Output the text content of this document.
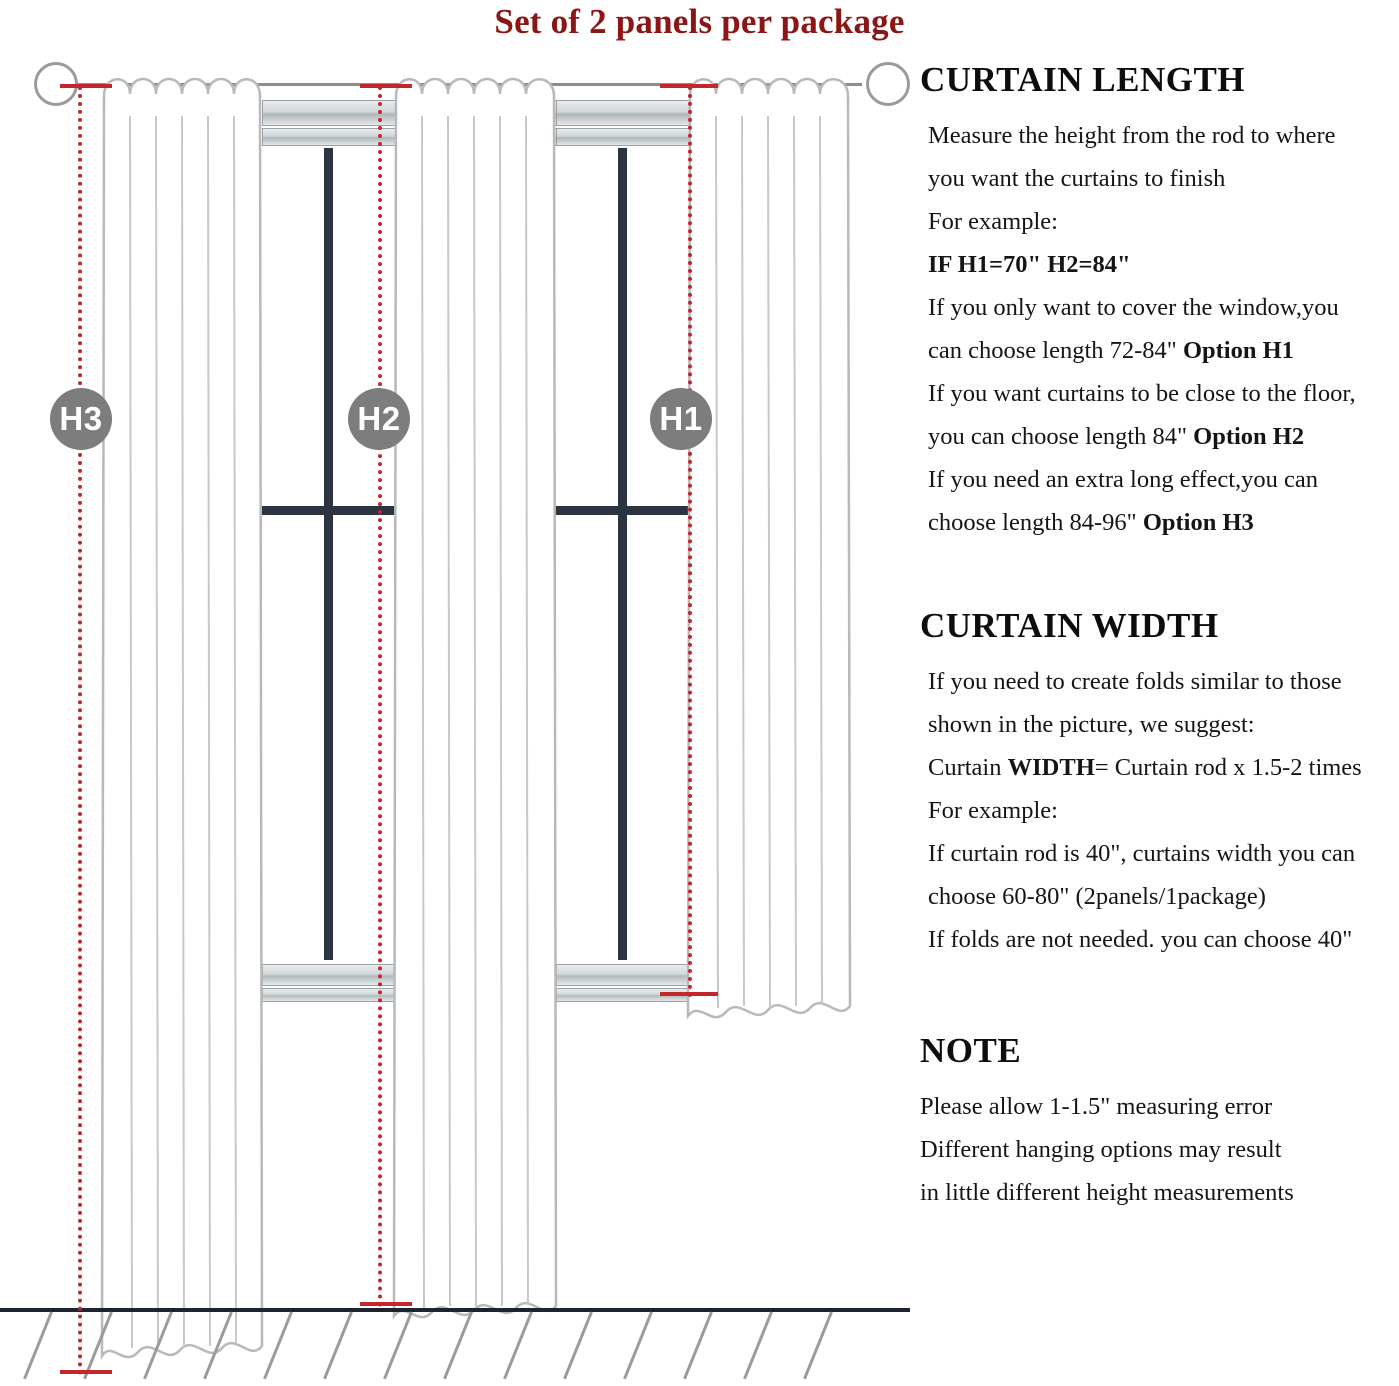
Set of 2 panels per package
H3	H2	H1
CURTAIN LENGTH

Measure the height from the rod to where

you want the curtains to finish

For example:

IF H1=70" H2=84"

If you only want to cover the window,you

can choose length 72-84" Option H1

If you want curtains to be close to the floor,

you can choose length 84" Option H2

If you need an extra long effect,you can

choose length 84-96" Option H3

CURTAIN WIDTH

If you need to create folds similar to those

shown in the picture, we suggest:

Curtain WIDTH= Curtain rod x 1.5-2 times

For example:

If curtain rod is 40", curtains width you can

choose 60-80" (2panels/1package)

If folds are not needed. you can choose 40"

NOTE

Please allow 1-1.5" measuring error

Different hanging options may result

in little different height measurements
